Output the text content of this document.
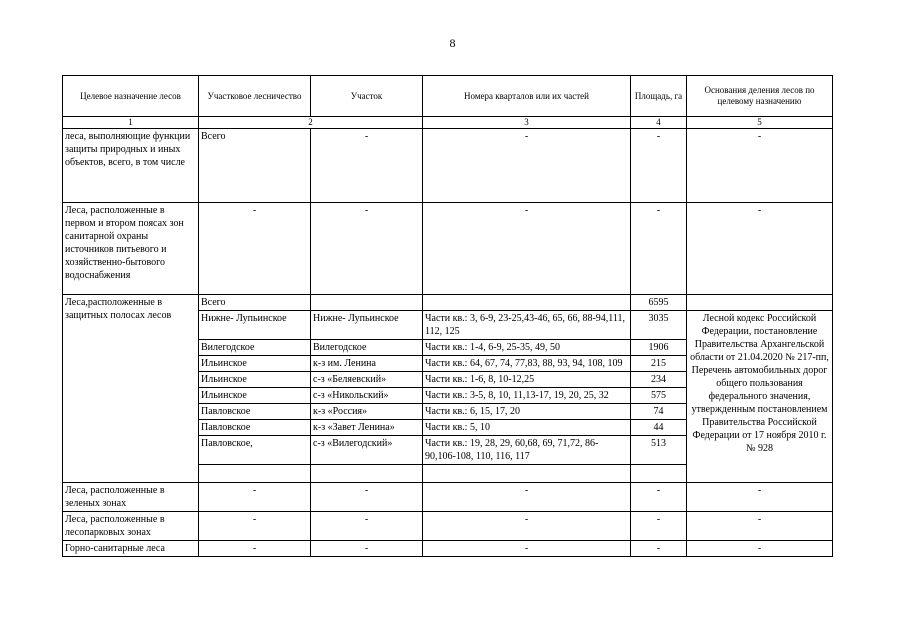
8
Целевое назначение лесов	Участковое лесничество	Участок	Номера кварталов или их частей	Площадь, га	Основания деления лесов по целевому назначению
1	2		3	4	5
леса, выполняющие функции защиты природных и иных объектов, всего, в том числе	Всего	-	-	-	-
Леса, расположенные в первом и втором поясах зон санитарной охраны источников питьевого и хозяйственно-бытового водоснабжения	-	-	-	-	-
Леса,расположенные в защитных полосах лесов	Всего			6595	
	Нижне- Лупьинское	Нижне- Лупьинское	Части кв.: 3, 6-9, 23-25,43-46, 65, 66, 88-94,111, 112, 125	3035	Лесной кодекс Российской Федерации, постановление Правительства Архангельской области от 21.04.2020 № 217-пп, Перечень автомобильных дорог общего пользования федерального значения, утвержденным постановлением Правительства Российской Федерации от 17 ноября 2010 г. № 928
	Вилегодское	Вилегодское	Части кв.: 1-4, 6-9, 25-35, 49, 50	1906	
	Ильинское	к-з им. Ленина	Части кв.: 64, 67, 74, 77,83, 88, 93, 94, 108, 109	215	
	Ильинское	с-з «Беляевский»	Части кв.: 1-6, 8, 10-12,25	234	
	Ильинское	с-з «Никольский»	Части кв.: 3-5, 8, 10, 11,13-17, 19, 20, 25, 32	575	
	Павловское	к-з «Россия»	Части кв.: 6, 15, 17, 20	74	
	Павловское	к-з «Завет Ленина»	Части кв.: 5, 10	44	
	Павловское,	с-з «Вилегодский»	Части кв.: 19, 28, 29, 60,68, 69, 71,72, 86-90,106-108, 110, 116, 117	513	

Леса, расположенные в зеленых зонах	-	-	-	-	-
Леса, расположенные в лесопарковых зонах	-	-	-	-	-
Горно-санитарные леса	-	-	-	-	-
